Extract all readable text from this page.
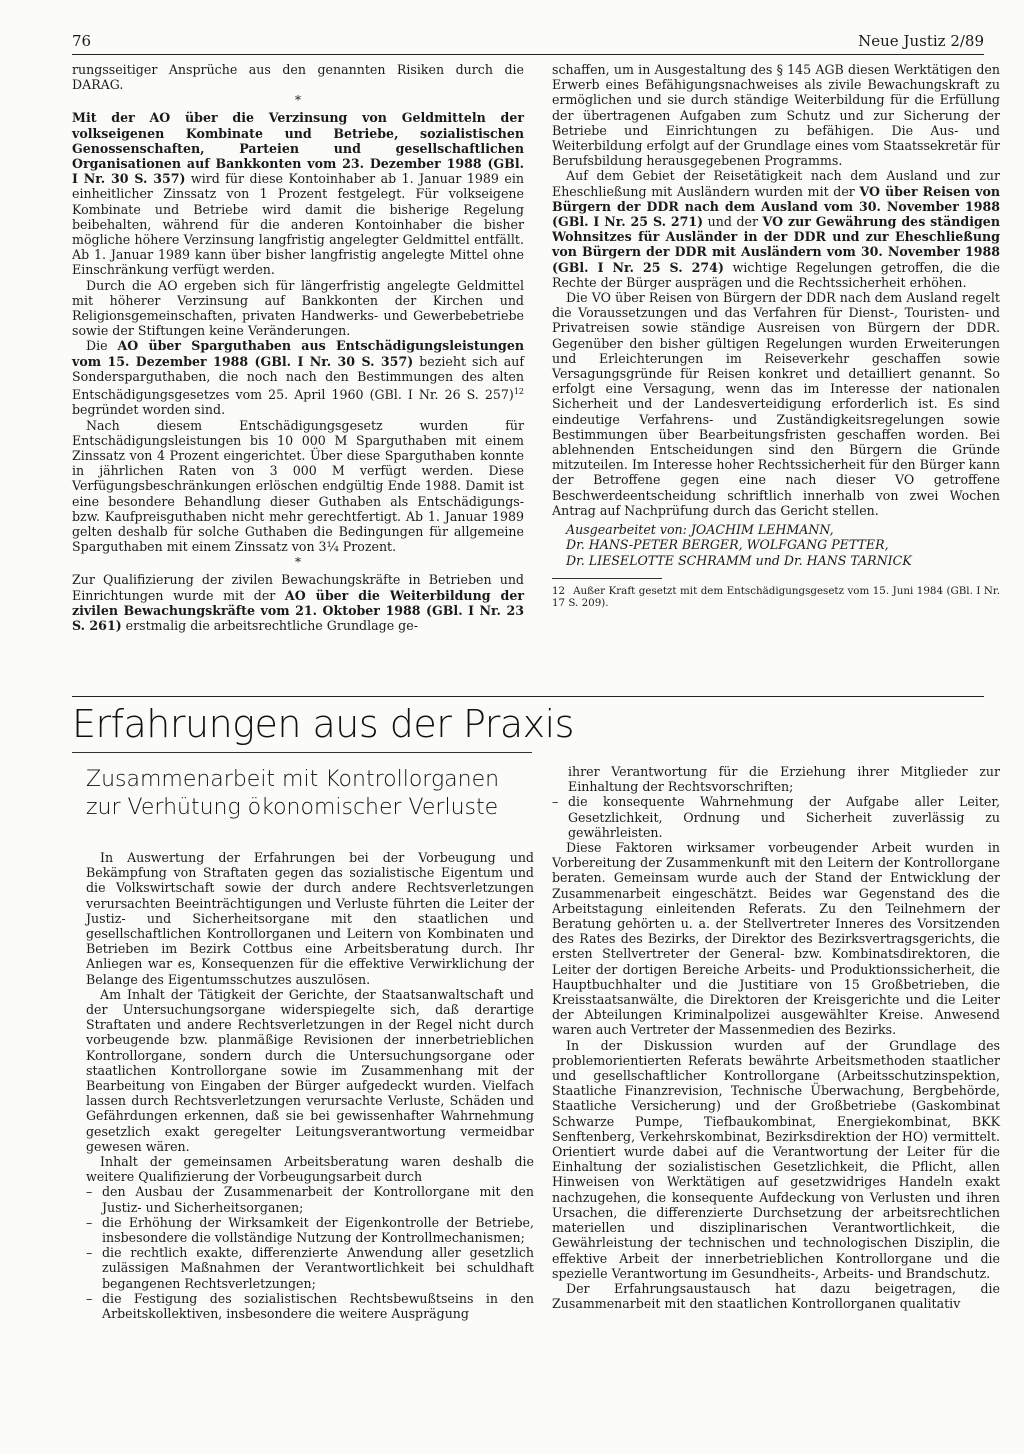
76	Neue Justiz 2/89

rungsseitiger Ansprüche aus den genannten Risiken durch die DARAG.

*

Mit der AO über die Verzinsung von Geldmitteln der volkseigenen Kombinate und Betriebe, sozialistischen Genossenschaften, Parteien und gesellschaftlichen Organisationen auf Bankkonten vom 23. Dezember 1988 (GBl. I Nr. 30 S. 357) wird für diese Kontoinhaber ab 1. Januar 1989 ein einheitlicher Zinssatz von 1 Prozent festgelegt. Für volkseigene Kombinate und Betriebe wird damit die bisherige Regelung beibehalten, während für die anderen Kontoinhaber die bisher mögliche höhere Verzinsung langfristig angelegter Geldmittel entfällt. Ab 1. Januar 1989 kann über bisher langfristig angelegte Mittel ohne Einschränkung verfügt werden.

Durch die AO ergeben sich für längerfristig angelegte Geldmittel mit höherer Verzinsung auf Bankkonten der Kirchen und Religionsgemeinschaften, privaten Handwerks- und Gewerbebetriebe sowie der Stiftungen keine Veränderungen.

Die AO über Sparguthaben aus Entschädigungsleistungen vom 15. Dezember 1988 (GBl. I Nr. 30 S. 357) bezieht sich auf Sondersparguthaben, die noch nach den Bestimmungen des alten Entschädigungsgesetzes vom 25. April 1960 (GBl. I Nr. 26 S. 257)$^{12}$ begründet worden sind.

Nach diesem Entschädigungsgesetz wurden für Entschädigungsleistungen bis 10 000 M Sparguthaben mit einem Zinssatz von 4 Prozent eingerichtet. Über diese Sparguthaben konnte in jährlichen Raten von 3 000 M verfügt werden. Diese Verfügungsbeschränkungen erlöschen endgültig Ende 1988. Damit ist eine besondere Behandlung dieser Guthaben als Entschädigungs- bzw. Kaufpreisguthaben nicht mehr gerechtfertigt. Ab 1. Januar 1989 gelten deshalb für solche Guthaben die Bedingungen für allgemeine Sparguthaben mit einem Zinssatz von 3¼ Prozent.

*

Zur Qualifizierung der zivilen Bewachungskräfte in Betrieben und Einrichtungen wurde mit der AO über die Weiterbildung der zivilen Bewachungskräfte vom 21. Oktober 1988 (GBl. I Nr. 23 S. 261) erstmalig die arbeitsrechtliche Grundlage ge-

schaffen, um in Ausgestaltung des § 145 AGB diesen Werktätigen den Erwerb eines Befähigungsnachweises als zivile Bewachungskraft zu ermöglichen und sie durch ständige Weiterbildung für die Erfüllung der übertragenen Aufgaben zum Schutz und zur Sicherung der Betriebe und Einrichtungen zu befähigen. Die Aus- und Weiterbildung erfolgt auf der Grundlage eines vom Staatssekretär für Berufsbildung herausgegebenen Programms.

Auf dem Gebiet der Reisetätigkeit nach dem Ausland und zur Eheschließung mit Ausländern wurden mit der VO über Reisen von Bürgern der DDR nach dem Ausland vom 30. November 1988 (GBl. I Nr. 25 S. 271) und der VO zur Gewährung des ständigen Wohnsitzes für Ausländer in der DDR und zur Eheschließung von Bürgern der DDR mit Ausländern vom 30. November 1988 (GBl. I Nr. 25 S. 274) wichtige Regelungen getroffen, die die Rechte der Bürger ausprägen und die Rechtssicherheit erhöhen.

Die VO über Reisen von Bürgern der DDR nach dem Ausland regelt die Voraussetzungen und das Verfahren für Dienst-, Touristen- und Privatreisen sowie ständige Ausreisen von Bürgern der DDR. Gegenüber den bisher gültigen Regelungen wurden Erweiterungen und Erleichterungen im Reiseverkehr geschaffen sowie Versagungsgründe für Reisen konkret und detailliert genannt. So erfolgt eine Versagung, wenn das im Interesse der nationalen Sicherheit und der Landesverteidigung erforderlich ist. Es sind eindeutige Verfahrens- und Zuständigkeitsregelungen sowie Bestimmungen über Bearbeitungsfristen geschaffen worden. Bei ablehnenden Entscheidungen sind den Bürgern die Gründe mitzuteilen. Im Interesse hoher Rechtssicherheit für den Bürger kann der Betroffene gegen eine nach dieser VO getroffene Beschwerdeentscheidung schriftlich innerhalb von zwei Wochen Antrag auf Nachprüfung durch das Gericht stellen.

Ausgearbeitet von: JOACHIM LEHMANN,
Dr. HANS-PETER BERGER, WOLFGANG PETTER,
Dr. LIESELOTTE SCHRAMM und Dr. HANS TARNICK
12 Außer Kraft gesetzt mit dem Entschädigungsgesetz vom 15. Juni 1984 (GBl. I Nr. 17 S. 209).
Erfahrungen aus der Praxis
Zusammenarbeit mit Kontrollorganen
zur Verhütung ökonomischer Verluste

In Auswertung der Erfahrungen bei der Vorbeugung und Bekämpfung von Straftaten gegen das sozialistische Eigentum und die Volkswirtschaft sowie der durch andere Rechtsverletzungen verursachten Beeinträchtigungen und Verluste führten die Leiter der Justiz- und Sicherheitsorgane mit den staatlichen und gesellschaftlichen Kontrollorganen und Leitern von Kombinaten und Betrieben im Bezirk Cottbus eine Arbeitsberatung durch. Ihr Anliegen war es, Konsequenzen für die effektive Verwirklichung der Belange des Eigentumsschutzes auszulösen.

Am Inhalt der Tätigkeit der Gerichte, der Staatsanwaltschaft und der Untersuchungsorgane widerspiegelte sich, daß derartige Straftaten und andere Rechtsverletzungen in der Regel nicht durch vorbeugende bzw. planmäßige Revisionen der innerbetrieblichen Kontrollorgane, sondern durch die Untersuchungsorgane oder staatlichen Kontrollorgane sowie im Zusammenhang mit der Bearbeitung von Eingaben der Bürger aufgedeckt wurden. Vielfach lassen durch Rechtsverletzungen verursachte Verluste, Schäden und Gefährdungen erkennen, daß sie bei gewissenhafter Wahrnehmung gesetzlich exakt geregelter Leitungsverantwortung vermeidbar gewesen wären.

Inhalt der gemeinsamen Arbeitsberatung waren deshalb die weitere Qualifizierung der Vorbeugungsarbeit durch

– den Ausbau der Zusammenarbeit der Kontrollorgane mit den Justiz- und Sicherheitsorganen;
– die Erhöhung der Wirksamkeit der Eigenkontrolle der Betriebe, insbesondere die vollständige Nutzung der Kontrollmechanismen;
– die rechtlich exakte, differenzierte Anwendung aller gesetzlich zulässigen Maßnahmen der Verantwortlichkeit bei schuldhaft begangenen Rechtsverletzungen;
– die Festigung des sozialistischen Rechtsbewußtseins in den Arbeitskollektiven, insbesondere die weitere Ausprägung
ihrer Verantwortung für die Erziehung ihrer Mitglieder zur Einhaltung der Rechtsvorschriften;
– die konsequente Wahrnehmung der Aufgabe aller Leiter, Gesetzlichkeit, Ordnung und Sicherheit zuverlässig zu gewährleisten.

Diese Faktoren wirksamer vorbeugender Arbeit wurden in Vorbereitung der Zusammenkunft mit den Leitern der Kontrollorgane beraten. Gemeinsam wurde auch der Stand der Entwicklung der Zusammenarbeit eingeschätzt. Beides war Gegenstand des die Arbeitstagung einleitenden Referats. Zu den Teilnehmern der Beratung gehörten u. a. der Stellvertreter Inneres des Vorsitzenden des Rates des Bezirks, der Direktor des Bezirksvertragsgerichts, die ersten Stellvertreter der General- bzw. Kombinatsdirektoren, die Leiter der dortigen Bereiche Arbeits- und Produktionssicherheit, die Hauptbuchhalter und die Justitiare von 15 Großbetrieben, die Kreisstaatsanwälte, die Direktoren der Kreisgerichte und die Leiter der Abteilungen Kriminalpolizei ausgewählter Kreise. Anwesend waren auch Vertreter der Massenmedien des Bezirks.

In der Diskussion wurden auf der Grundlage des problemorientierten Referats bewährte Arbeitsmethoden staatlicher und gesellschaftlicher Kontrollorgane (Arbeitsschutzinspektion, Staatliche Finanzrevision, Technische Überwachung, Bergbehörde, Staatliche Versicherung) und der Großbetriebe (Gaskombinat Schwarze Pumpe, Tiefbaukombinat, Energiekombinat, BKK Senftenberg, Verkehrskombinat, Bezirksdirektion der HO) vermittelt. Orientiert wurde dabei auf die Verantwortung der Leiter für die Einhaltung der sozialistischen Gesetzlichkeit, die Pflicht, allen Hinweisen von Werktätigen auf gesetzwidriges Handeln exakt nachzugehen, die konsequente Aufdeckung von Verlusten und ihren Ursachen, die differenzierte Durchsetzung der arbeitsrechtlichen materiellen und disziplinarischen Verantwortlichkeit, die Gewährleistung der technischen und technologischen Disziplin, die effektive Arbeit der innerbetrieblichen Kontrollorgane und die spezielle Verantwortung im Gesundheits-, Arbeits- und Brandschutz.

Der Erfahrungsaustausch hat dazu beigetragen, die Zusammenarbeit mit den staatlichen Kontrollorganen qualitativ
